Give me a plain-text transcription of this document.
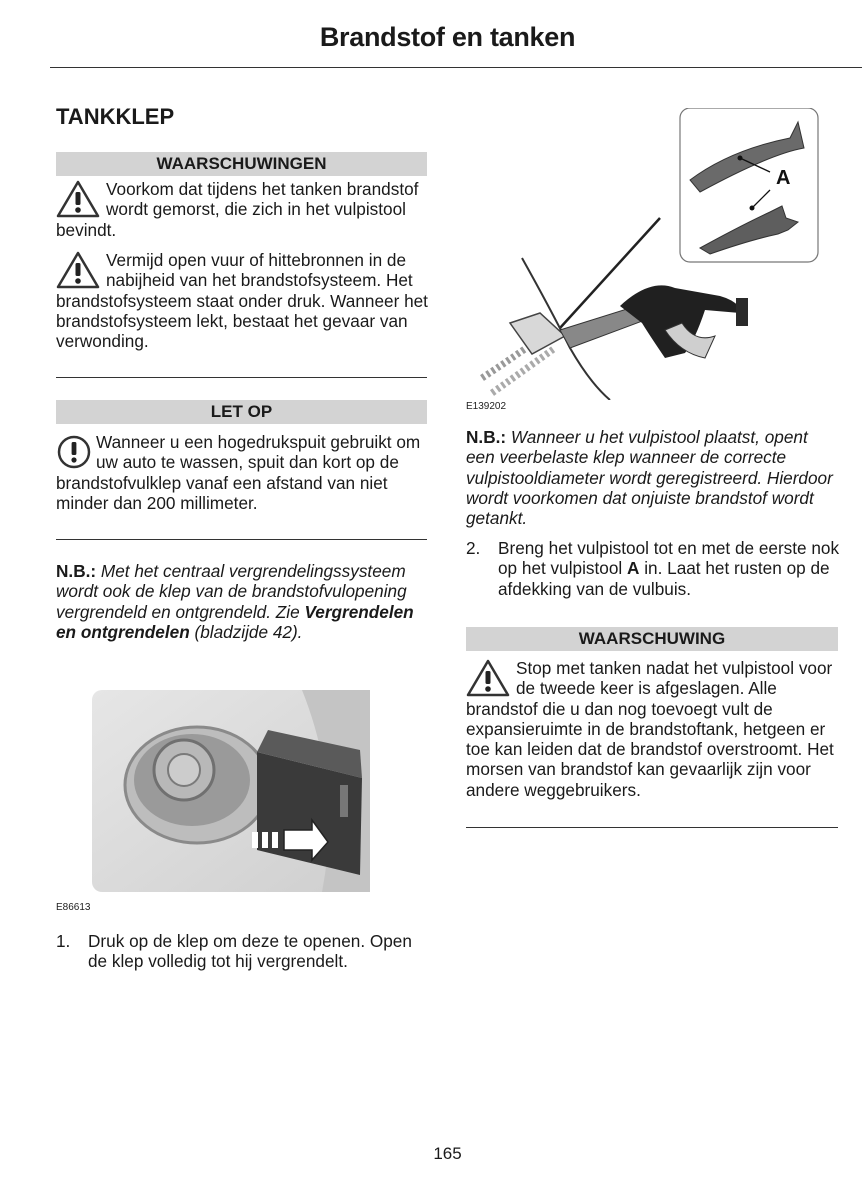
Brandstof en tanken
TANKKLEP
WAARSCHUWINGEN
Voorkom dat tijdens het tanken brandstof wordt gemorst, die zich in het vulpistool bevindt.
Vermijd open vuur of hittebronnen in de nabijheid van het brandstofsysteem. Het brandstofsysteem staat onder druk. Wanneer het brandstofsysteem lekt, bestaat het gevaar van verwonding.
LET OP
Wanneer u een hogedrukspuit gebruikt om uw auto te wassen, spuit dan kort op de brandstofvulklep vanaf een afstand van niet minder dan 200 millimeter.
N.B.: Met het centraal vergrendelingssysteem wordt ook de klep van de brandstofvulopening vergrendeld en ontgrendeld. Zie Vergrendelen en ontgrendelen (bladzijde 42).
E86613
1. Druk op de klep om deze te openen. Open de klep volledig tot hij vergrendelt.
A
E139202
N.B.: Wanneer u het vulpistool plaatst, opent een veerbelaste klep wanneer de correcte vulpistooldiameter wordt geregistreerd. Hierdoor wordt voorkomen dat onjuiste brandstof wordt getankt.
2. Breng het vulpistool tot en met de eerste nok op het vulpistool A in. Laat het rusten op de afdekking van de vulbuis.
WAARSCHUWING
Stop met tanken nadat het vulpistool voor de tweede keer is afgeslagen. Alle brandstof die u dan nog toevoegt vult de expansieruimte in de brandstoftank, hetgeen er toe kan leiden dat de brandstof overstroomt. Het morsen van brandstof kan gevaarlijk zijn voor andere weggebruikers.
165
